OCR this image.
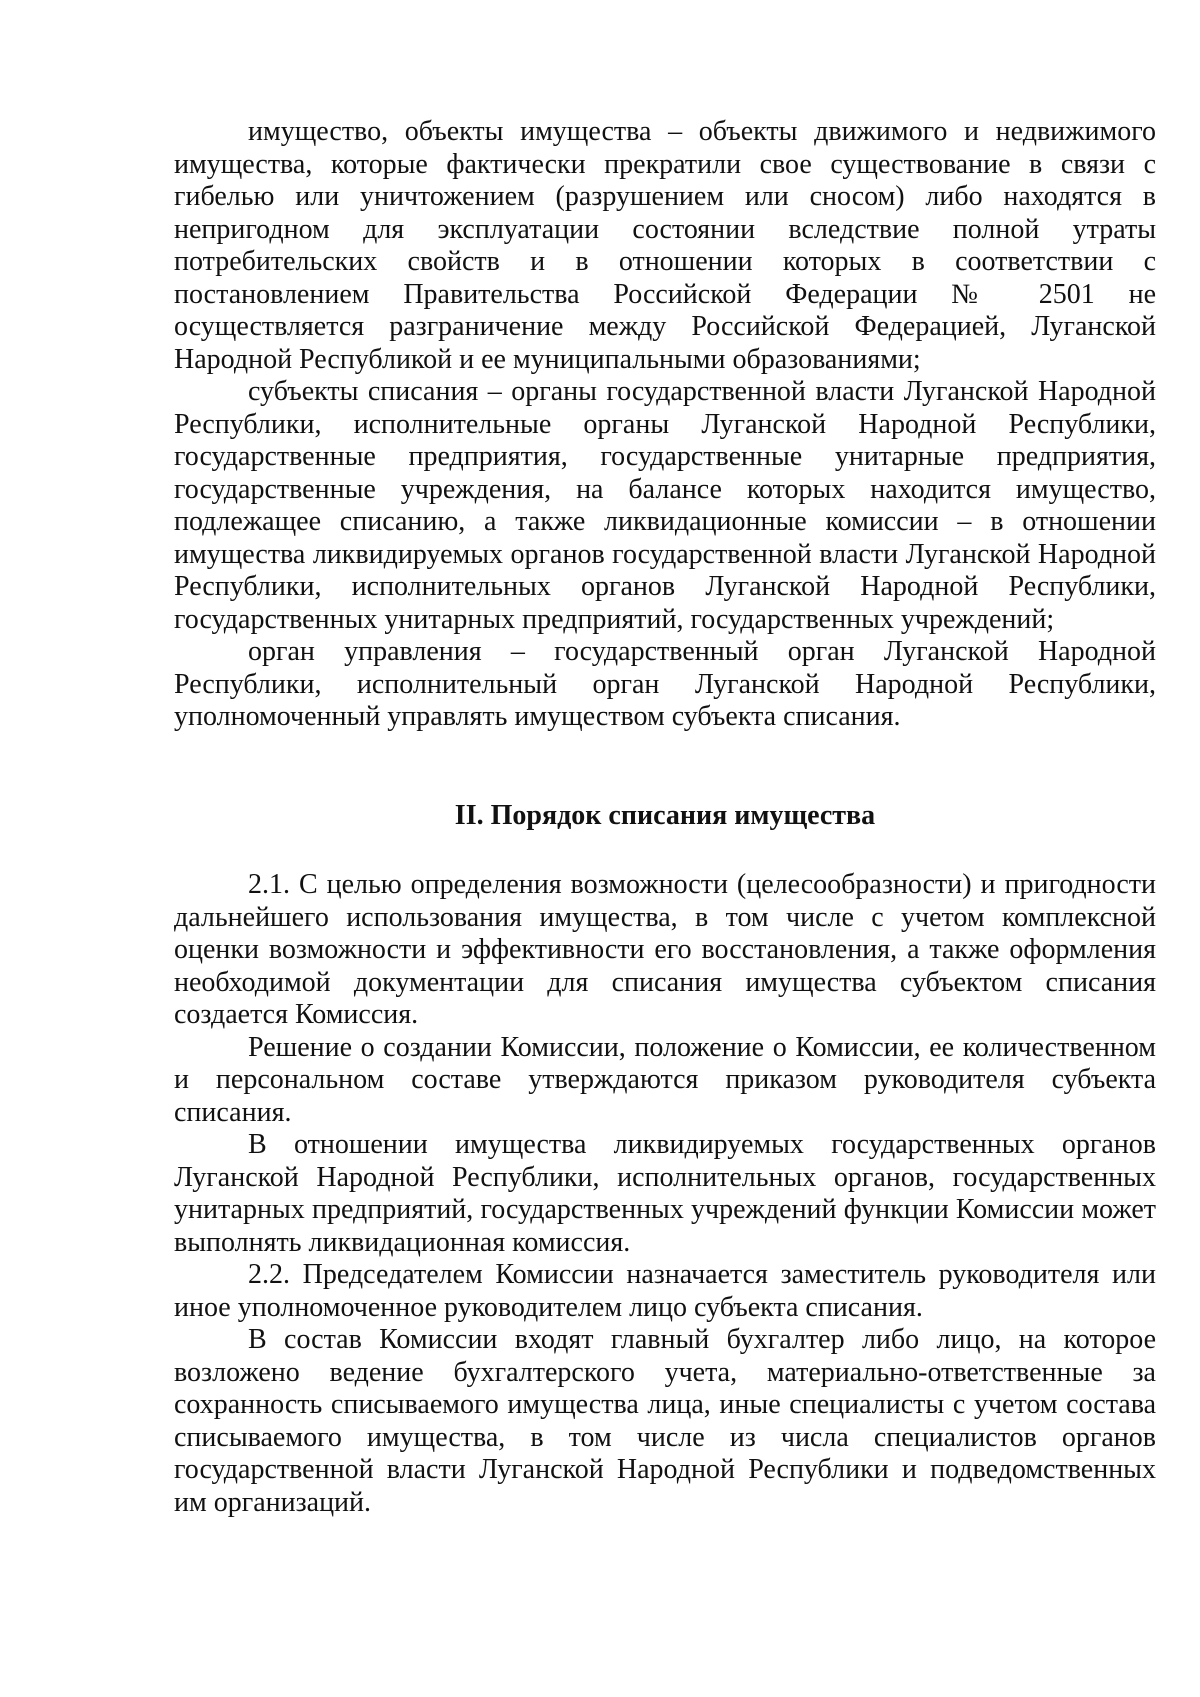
имущество, объекты имущества – объекты движимого и недвижимого имущества, которые фактически прекратили свое существование в связи с гибелью или уничтожением (разрушением или сносом) либо находятся в непригодном для эксплуатации состоянии вследствие полной утраты потребительских свойств и в отношении которых в соответствии с постановлением Правительства Российской Федерации № 2501 не осуществляется разграничение между Российской Федерацией, Луганской Народной Республикой и ее муниципальными образованиями;

субъекты списания – органы государственной власти Луганской Народной Республики, исполнительные органы Луганской Народной Республики, государственные предприятия, государственные унитарные предприятия, государственные учреждения, на балансе которых находится имущество, подлежащее списанию, а также ликвидационные комиссии – в отношении имущества ликвидируемых органов государственной власти Луганской Народной Республики, исполнительных органов Луганской Народной Республики, государственных унитарных предприятий, государственных учреждений;

орган управления – государственный орган Луганской Народной Республики, исполнительный орган Луганской Народной Республики, уполномоченный управлять имуществом субъекта списания.

II. Порядок списания имущества

2.1. С целью определения возможности (целесообразности) и пригодности дальнейшего использования имущества, в том числе с учетом комплексной оценки возможности и эффективности его восстановления, а также оформления необходимой документации для списания имущества субъектом списания создается Комиссия.

Решение о создании Комиссии, положение о Комиссии, ее количественном и персональном составе утверждаются приказом руководителя субъекта списания.

В отношении имущества ликвидируемых государственных органов Луганской Народной Республики, исполнительных органов, государственных унитарных предприятий, государственных учреждений функции Комиссии может выполнять ликвидационная комиссия.

2.2. Председателем Комиссии назначается заместитель руководителя или иное уполномоченное руководителем лицо субъекта списания.

В состав Комиссии входят главный бухгалтер либо лицо, на которое возложено ведение бухгалтерского учета, материально-ответственные за сохранность списываемого имущества лица, иные специалисты с учетом состава списываемого имущества, в том числе из числа специалистов органов государственной власти Луганской Народной Республики и подведомственных им организаций.
